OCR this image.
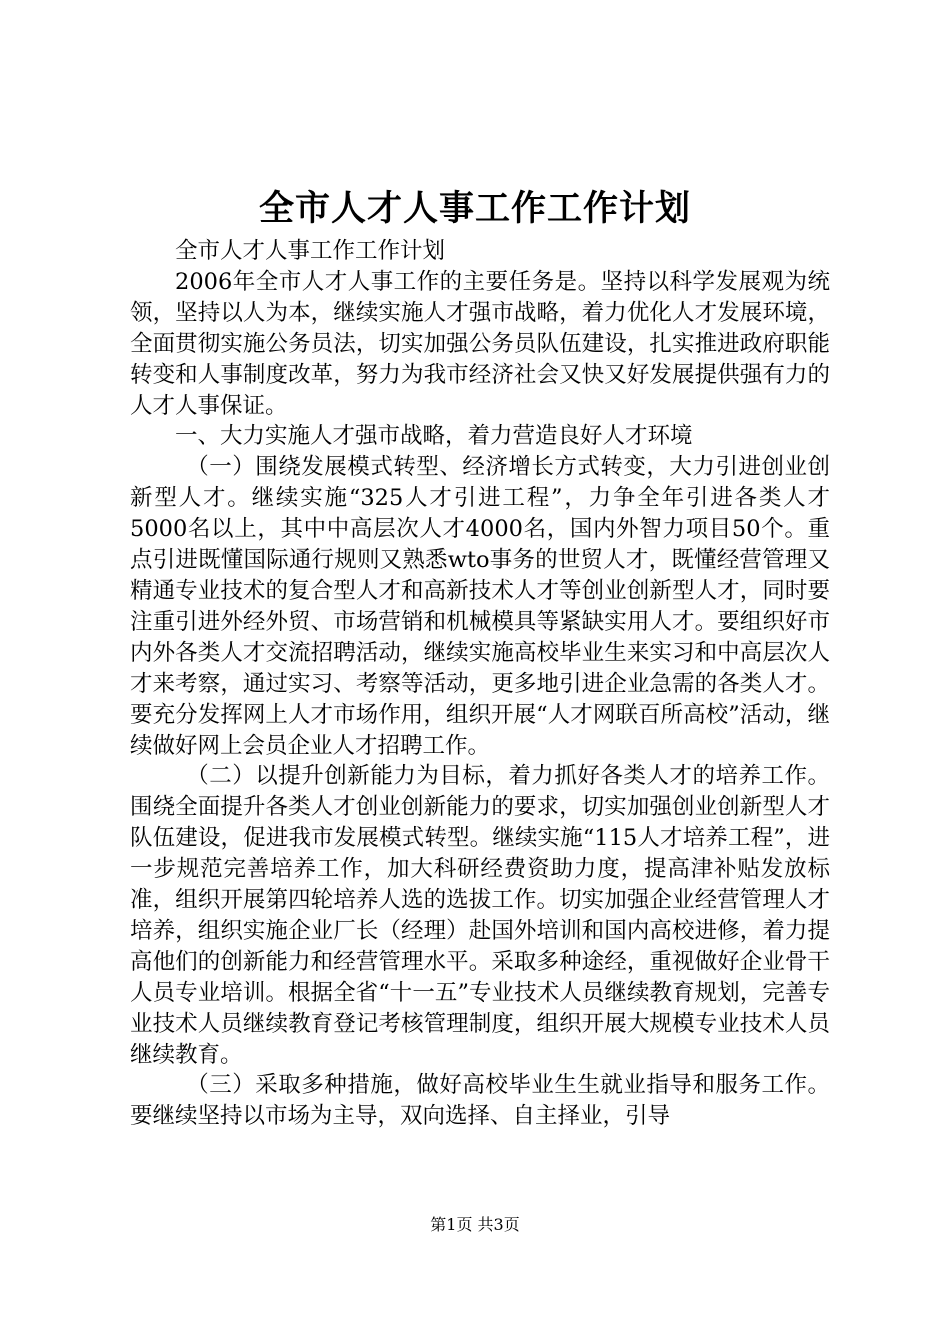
全市人才人事工作工作计划

全市人才人事工作工作计划

2006年全市人才人事工作的主要任务是。坚持以科学发展观为统领，坚持以人为本，继续实施人才强市战略，着力优化人才发展环境，全面贯彻实施公务员法，切实加强公务员队伍建设，扎实推进政府职能转变和人事制度改革，努力为我市经济社会又快又好发展提供强有力的人才人事保证。

一、大力实施人才强市战略，着力营造良好人才环境

（一）围绕发展模式转型、经济增长方式转变，大力引进创业创新型人才。继续实施“325人才引进工程”，力争全年引进各类人才5000名以上，其中中高层次人才4000名，国内外智力项目50个。重点引进既懂国际通行规则又熟悉wto事务的世贸人才，既懂经营管理又精通专业技术的复合型人才和高新技术人才等创业创新型人才，同时要注重引进外经外贸、市场营销和机械模具等紧缺实用人才。要组织好市内外各类人才交流招聘活动，继续实施高校毕业生来实习和中高层次人才来考察，通过实习、考察等活动，更多地引进企业急需的各类人才。要充分发挥网上人才市场作用，组织开展“人才网联百所高校”活动，继续做好网上会员企业人才招聘工作。

（二）以提升创新能力为目标，着力抓好各类人才的培养工作。围绕全面提升各类人才创业创新能力的要求，切实加强创业创新型人才队伍建设，促进我市发展模式转型。继续实施“115人才培养工程”，进一步规范完善培养工作，加大科研经费资助力度，提高津补贴发放标准，组织开展第四轮培养人选的选拔工作。切实加强企业经营管理人才培养，组织实施企业厂长（经理）赴国外培训和国内高校进修，着力提高他们的创新能力和经营管理水平。采取多种途经，重视做好企业骨干人员专业培训。根据全省“十一五”专业技术人员继续教育规划，完善专业技术人员继续教育登记考核管理制度，组织开展大规模专业技术人员继续教育。

（三）采取多种措施，做好高校毕业生生就业指导和服务工作。要继续坚持以市场为主导，双向选择、自主择业，引导

第1页 共3页
